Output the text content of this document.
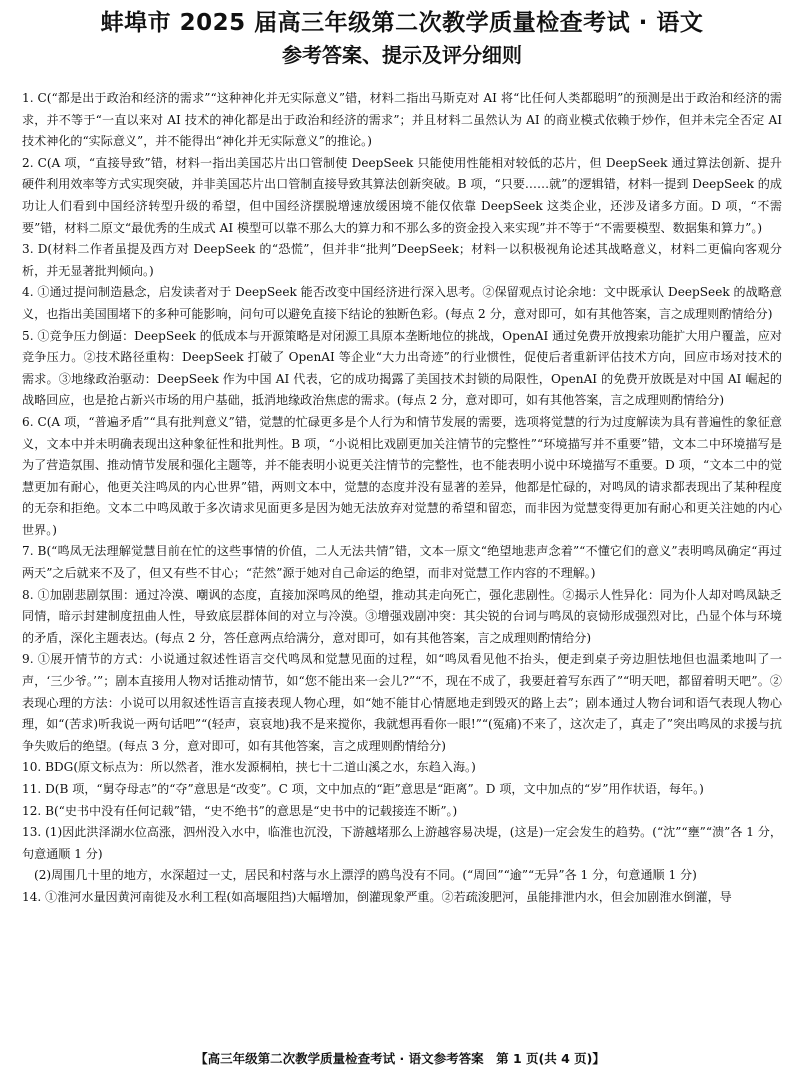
蚌埠市 2025 届高三年级第二次教学质量检查考试 · 语文
参考答案、提示及评分细则

1. C(“都是出于政治和经济的需求”“这种神化并无实际意义”错，材料二指出马斯克对 AI 将“比任何人类都聪明”的预测是出于政治和经济的需求，并不等于“一直以来对 AI 技术的神化都是出于政治和经济的需求”；并且材料二虽然认为 AI 的商业模式依赖于炒作，但并未完全否定 AI 技术神化的“实际意义”，并不能得出“神化并无实际意义”的推论。)

2. C(A 项，“直接导致”错，材料一指出美国芯片出口管制使 DeepSeek 只能使用性能相对较低的芯片，但 DeepSeek 通过算法创新、提升硬件利用效率等方式实现突破，并非美国芯片出口管制直接导致其算法创新突破。B 项，“只要……就”的逻辑错，材料一提到 DeepSeek 的成功让人们看到中国经济转型升级的希望，但中国经济摆脱增速放缓困境不能仅依靠 DeepSeek 这类企业，还涉及诸多方面。D 项，“不需要”错，材料二原文“最优秀的生成式 AI 模型可以靠不那么大的算力和不那么多的资金投入来实现”并不等于“不需要模型、数据集和算力”。)

3. D(材料二作者虽提及西方对 DeepSeek 的“恐慌”，但并非“批判”DeepSeek；材料一以积极视角论述其战略意义，材料二更偏向客观分析，并无显著批判倾向。)

4. ①通过提问制造悬念，启发读者对于 DeepSeek 能否改变中国经济进行深入思考。②保留观点讨论余地：文中既承认 DeepSeek 的战略意义，也指出美国围堵下的多种可能影响，问句可以避免直接下结论的独断色彩。(每点 2 分，意对即可，如有其他答案，言之成理则酌情给分)

5. ①竞争压力倒逼：DeepSeek 的低成本与开源策略是对闭源工具原本垄断地位的挑战，OpenAI 通过免费开放搜索功能扩大用户覆盖，应对竞争压力。②技术路径重构：DeepSeek 打破了 OpenAI 等企业“大力出奇迹”的行业惯性，促使后者重新评估技术方向，回应市场对技术的需求。③地缘政治驱动：DeepSeek 作为中国 AI 代表，它的成功揭露了美国技术封锁的局限性，OpenAI 的免费开放既是对中国 AI 崛起的战略回应，也是抢占新兴市场的用户基础，抵消地缘政治焦虑的需求。(每点 2 分，意对即可，如有其他答案，言之成理则酌情给分)

6. C(A 项，“普遍矛盾”“具有批判意义”错，觉慧的忙碌更多是个人行为和情节发展的需要，选项将觉慧的行为过度解读为具有普遍性的象征意义，文本中并未明确表现出这种象征性和批判性。B 项，“小说相比戏剧更加关注情节的完整性”“环境描写并不重要”错，文本二中环境描写是为了营造氛围、推动情节发展和强化主题等，并不能表明小说更关注情节的完整性，也不能表明小说中环境描写不重要。D 项，“文本二中的觉慧更加有耐心，他更关注鸣凤的内心世界”错，两则文本中，觉慧的态度并没有显著的差异，他都是忙碌的，对鸣凤的请求都表现出了某种程度的无奈和拒绝。文本二中鸣凤敢于多次请求见面更多是因为她无法放弃对觉慧的希望和留恋，而非因为觉慧变得更加有耐心和更关注她的内心世界。)

7. B(“鸣凤无法理解觉慧目前在忙的这些事情的价值，二人无法共情”错，文本一原文“绝望地悲声念着”“不懂它们的意义”表明鸣凤确定“再过两天”之后就来不及了，但又有些不甘心；“茫然”源于她对自己命运的绝望，而非对觉慧工作内容的不理解。)

8. ①加剧悲剧氛围：通过冷漠、嘲讽的态度，直接加深鸣凤的绝望，推动其走向死亡，强化悲剧性。②揭示人性异化：同为仆人却对鸣凤缺乏同情，暗示封建制度扭曲人性，导致底层群体间的对立与冷漠。③增强戏剧冲突：其尖锐的台词与鸣凤的哀恸形成强烈对比，凸显个体与环境的矛盾，深化主题表达。(每点 2 分，答任意两点给满分，意对即可，如有其他答案，言之成理则酌情给分)

9. ①展开情节的方式：小说通过叙述性语言交代鸣凤和觉慧见面的过程，如“鸣凤看见他不抬头，便走到桌子旁边胆怯地但也温柔地叫了一声，‘三少爷。’”；剧本直接用人物对话推动情节，如“您不能出来一会儿?”“不，现在不成了，我要赶着写东西了”“明天吧，都留着明天吧”。②表现心理的方法：小说可以用叙述性语言直接表现人物心理，如“她不能甘心情愿地走到毁灭的路上去”；剧本通过人物台词和语气表现人物心理，如“(苦求)听我说一两句话吧”“(轻声，哀哀地)我不是来搅你，我就想再看你一眼!”“(冤痛)不来了，这次走了，真走了”突出鸣凤的求援与抗争失败后的绝望。(每点 3 分，意对即可，如有其他答案，言之成理则酌情给分)

10. BDG(原文标点为：所以然者，淮水发源桐柏，挟七十二道山溪之水，东趋入海。)

11. D(B 项，“舅夺母志”的“夺”意思是“改变”。C 项，文中加点的“距”意思是“距离”。D 项，文中加点的“岁”用作状语，每年。)

12. B(“史书中没有任何记载”错，“史不绝书”的意思是“史书中的记载接连不断”。)

13. (1)因此洪泽湖水位高涨，泗州没入水中，临淮也沉没，下游越堵那么上游越容易决堤，(这是)一定会发生的趋势。(“沈”“壅”“溃”各 1 分，句意通顺 1 分)

(2)周围几十里的地方，水深超过一丈，居民和村落与水上漂浮的鸥鸟没有不同。(“周回”“逾”“无异”各 1 分，句意通顺 1 分)

14. ①淮河水量因黄河南徙及水利工程(如高堰阻挡)大幅增加，倒灌现象严重。②若疏浚肥河，虽能排泄内水，但会加剧淮水倒灌，导

【高三年级第二次教学质量检查考试 · 语文参考答案　第 1 页(共 4 页)】
